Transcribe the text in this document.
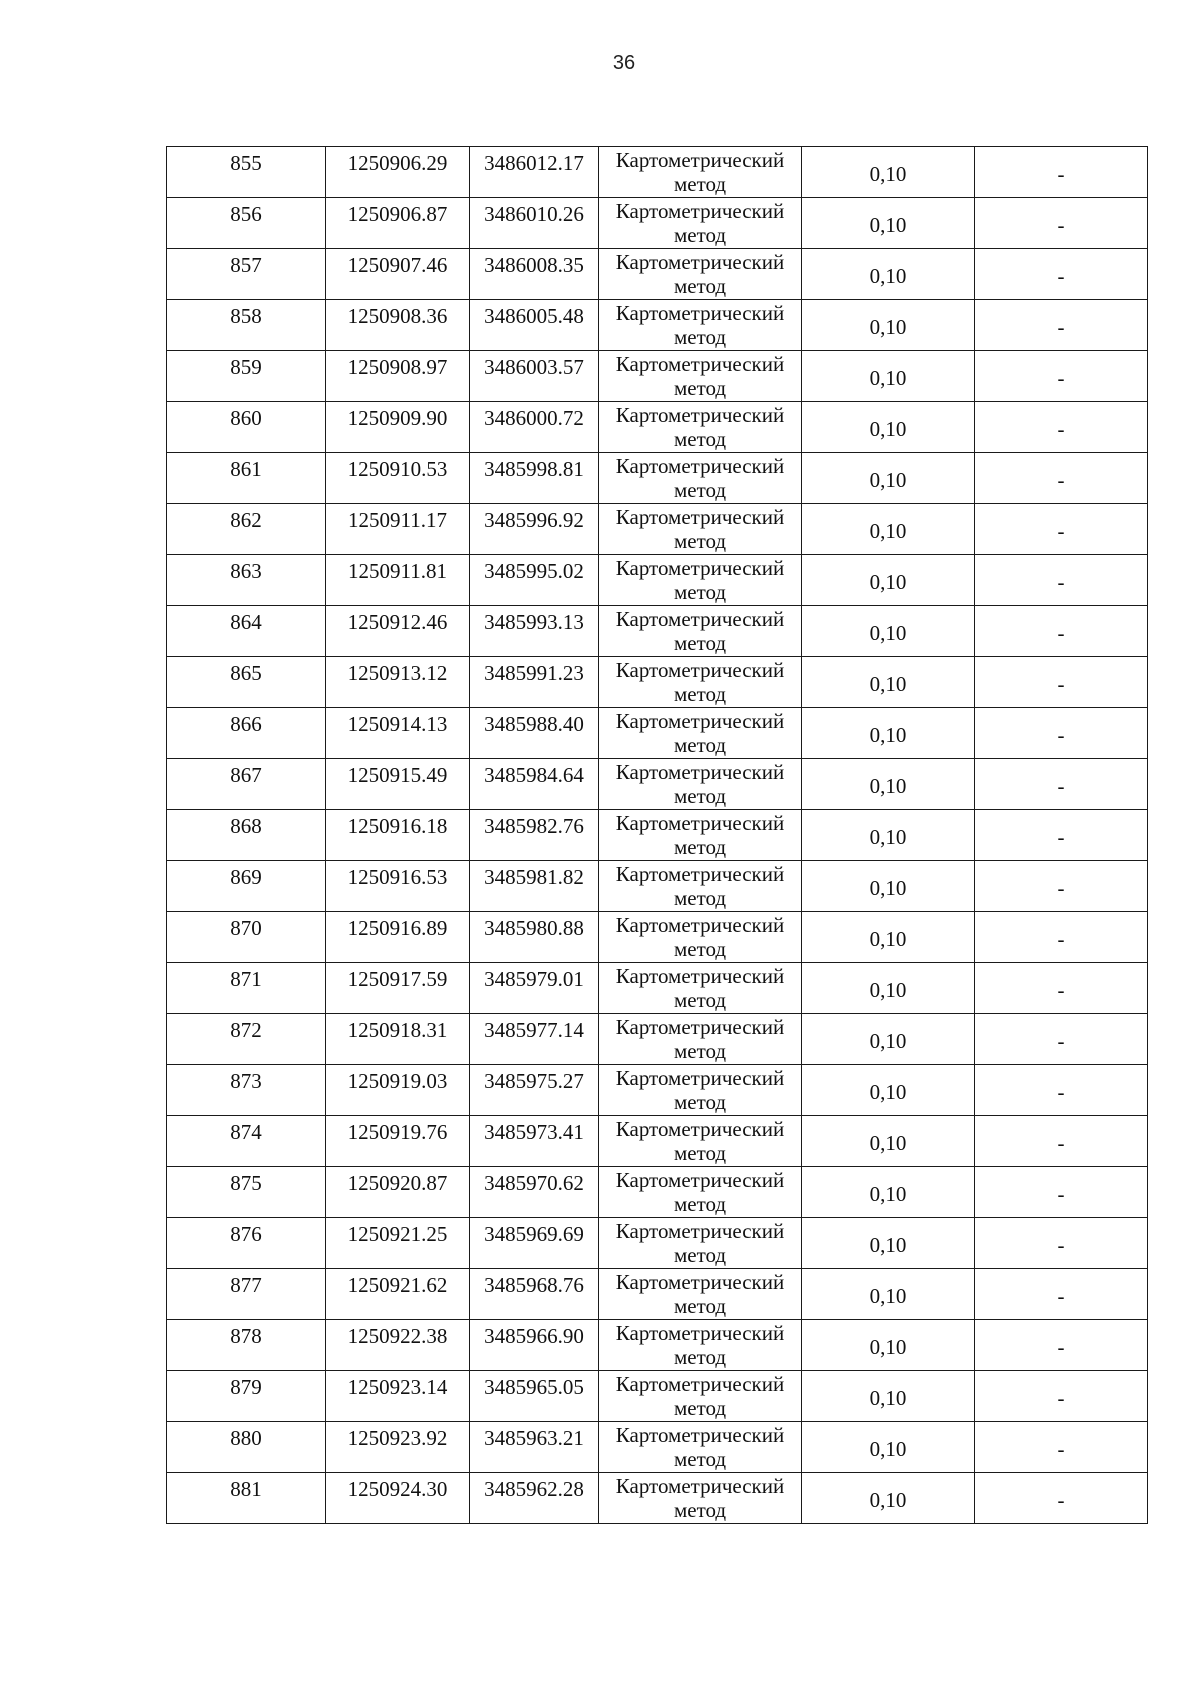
36
855	1250906.29	3486012.17	Картометрический
метод	0,10	-
856	1250906.87	3486010.26	Картометрический
метод	0,10	-
857	1250907.46	3486008.35	Картометрический
метод	0,10	-
858	1250908.36	3486005.48	Картометрический
метод	0,10	-
859	1250908.97	3486003.57	Картометрический
метод	0,10	-
860	1250909.90	3486000.72	Картометрический
метод	0,10	-
861	1250910.53	3485998.81	Картометрический
метод	0,10	-
862	1250911.17	3485996.92	Картометрический
метод	0,10	-
863	1250911.81	3485995.02	Картометрический
метод	0,10	-
864	1250912.46	3485993.13	Картометрический
метод	0,10	-
865	1250913.12	3485991.23	Картометрический
метод	0,10	-
866	1250914.13	3485988.40	Картометрический
метод	0,10	-
867	1250915.49	3485984.64	Картометрический
метод	0,10	-
868	1250916.18	3485982.76	Картометрический
метод	0,10	-
869	1250916.53	3485981.82	Картометрический
метод	0,10	-
870	1250916.89	3485980.88	Картометрический
метод	0,10	-
871	1250917.59	3485979.01	Картометрический
метод	0,10	-
872	1250918.31	3485977.14	Картометрический
метод	0,10	-
873	1250919.03	3485975.27	Картометрический
метод	0,10	-
874	1250919.76	3485973.41	Картометрический
метод	0,10	-
875	1250920.87	3485970.62	Картометрический
метод	0,10	-
876	1250921.25	3485969.69	Картометрический
метод	0,10	-
877	1250921.62	3485968.76	Картометрический
метод	0,10	-
878	1250922.38	3485966.90	Картометрический
метод	0,10	-
879	1250923.14	3485965.05	Картометрический
метод	0,10	-
880	1250923.92	3485963.21	Картометрический
метод	0,10	-
881	1250924.30	3485962.28	Картометрический
метод	0,10	-
